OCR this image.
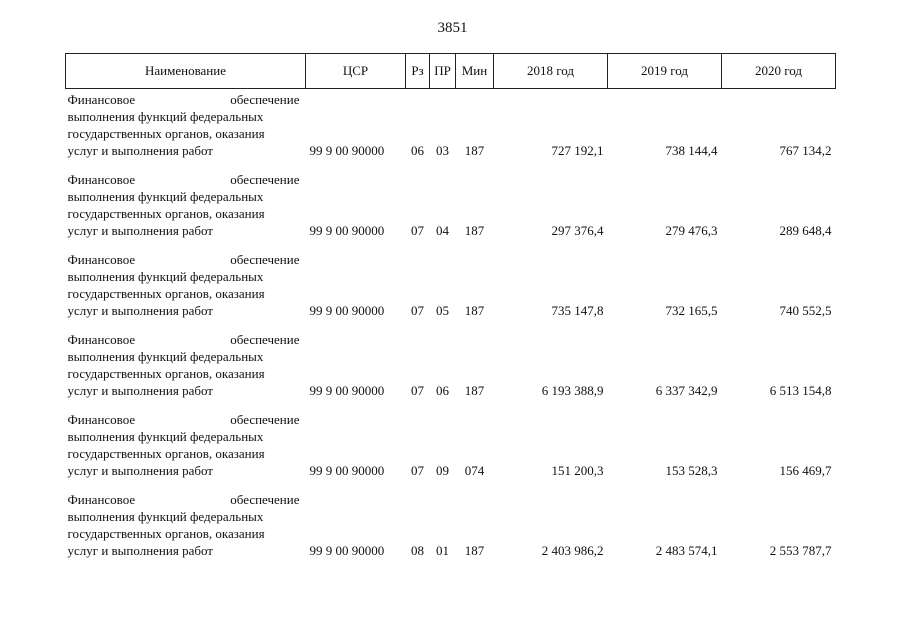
3851
Наименование	ЦСР	Рз	ПР	Мин	2018 год	2019 год	2020 год

Финансовое обеспечение
выполнения функций федеральных
государственных органов, оказания
услуг и выполнения работ	99 9 00 90000	06	03	187	727 192,1	738 144,4	767 134,2

Финансовое обеспечение
выполнения функций федеральных
государственных органов, оказания
услуг и выполнения работ	99 9 00 90000	07	04	187	297 376,4	279 476,3	289 648,4

Финансовое обеспечение
выполнения функций федеральных
государственных органов, оказания
услуг и выполнения работ	99 9 00 90000	07	05	187	735 147,8	732 165,5	740 552,5

Финансовое обеспечение
выполнения функций федеральных
государственных органов, оказания
услуг и выполнения работ	99 9 00 90000	07	06	187	6 193 388,9	6 337 342,9	6 513 154,8

Финансовое обеспечение
выполнения функций федеральных
государственных органов, оказания
услуг и выполнения работ	99 9 00 90000	07	09	074	151 200,3	153 528,3	156 469,7

Финансовое обеспечение
выполнения функций федеральных
государственных органов, оказания
услуг и выполнения работ	99 9 00 90000	08	01	187	2 403 986,2	2 483 574,1	2 553 787,7
